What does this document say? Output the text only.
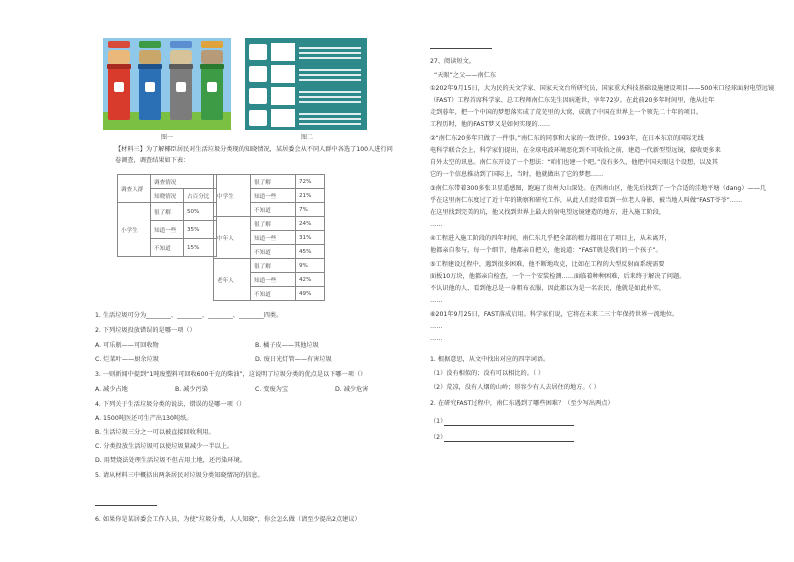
图一	图二
【材料三】为了解椰臣居民对生活垃圾分类现的知晓情况，某居委会从不同人群中各选了100人进行问
卷调查，调查结果如下表：
调查人群	调查情况	
	知晓情况	占百分比
小学生	很了解	50%
	知道一些	35%
	不知道	15%
中学生	很了解	72%
	知道一些	21%
	不知道	7%
中年人	很了解	24%
	知道一些	31%
	不知道	45%
老年人	很了解	9%
	知道一些	42%
	不知道	49%
1. 生活垃圾可分为________、________、________、________四类。
2. 下列垃圾投放错误的是哪一项（）
A. 可乐瓶——可回收物	B. 橘子皮——其他垃圾
C. 烂菜叶——厨余垃圾	D. 废日光灯管——有害垃圾
3. 一则新闻中提到“1吨废塑料可回收600千克的柴油”，这说明了垃圾分类的优点是以下哪一项（）
A. 减少占地	B. 减少污染	C. 变废为宝	D. 减少危害
4. 下列关于生活垃圾分类的说法，错误的是哪一项（）
A. 1500吨医还可生产出130吨纸。
B. 生活垃圾三分之一可以被直接回收利用。
C. 分类投放生活垃圾可以使垃圾量减少一半以上。
D. 用焚烧法处理生活垃圾不但占用土地，还污染环境。
5. 请从材料三中概括出两条居民对垃圾分类知晓情况的信息。
6. 如果你是某居委会工作人员，为使“垃圾分类，人人知晓”，你会怎么做（请至少提出2点建议）
27、阅读短文。
“天眼”之父——南仁东
①202年9月15日，大为民的天文学家、国家天文台所研究员，国家重大科技基础设施建设项目——500米口径球面射电望远镜
（FAST）工程首席科学家、总工程师南仁东先生因病逝世，享年72岁。在此前20多年时间里，他从壮年
走到暮年，把一个中国的梦想落实成了荒芜里的大窝，成就了中国在世界上一个领先二十年的项目。
工程历时，他的FAST梦又是如何实现的……
②“南仁东20多年只做了一件事。”南仁东的同事和大家的一致评价。1993年，在日本东京的国际无线
电科学联合会上，科学家们提出，在全球电波环境恶化到不可收拾之前，建造一代新型望远镜，接收更多来
自外太空的讯息。南仁东开设了一个想法：“咱们也建一个吧。”没有多久，他把中国天眼这个设想，以及其
它的一个信息推动到了国际上，当时，他就做出了它的梦想……
③南仁东带着300多张卫星遥感图，跑遍了贵州大山深处。在西南山区，他先后找到了一个合适的洼地平塘（dang）——几
乎在这里南仁东度过了近十年的勘察和研究工作，从此人们经常看到一位老人身影，被当地人叫做“FAST爷爷”……
在这里找到完美的坑，他又找到世界上最大的射电望远镜建造的地方，进入施工阶段，
……
④工程进入施工阶段的四年时间，南仁东几乎把全部的精力都用在了项目上，从未离开，
他都亲自参与，每一个细节，他都亲自把关，他说道：“FAST就是我们的一个孩子”。
⑤工程建设过程中，遇到很多困难，他不断地攻克，比如在工程的大型反射面系统需要
面板10万块，他都亲自检查，一个一个安装检测……面临着种种困难，后来终于解决了问题。
不认识他的人，看到他总是一身粗布衣服，因此都以为是一名农民，他就是如此朴实，
……
⑥201年9月25日，FAST落成启用。科学家们说，它将在未来二三十年保持世界一流地位。
……
……
1. 根据意思，从文中找出对应的四字词语。
（1）没有相似的；没有可以相比的。（ ）
（2）荒凉，没有人烟的山岭；形容少有人去居住的地方。（ ）
2. 在研究FAST过程中，南仁东遇到了哪些困难？（至少写出两点）
（1）
（2）
